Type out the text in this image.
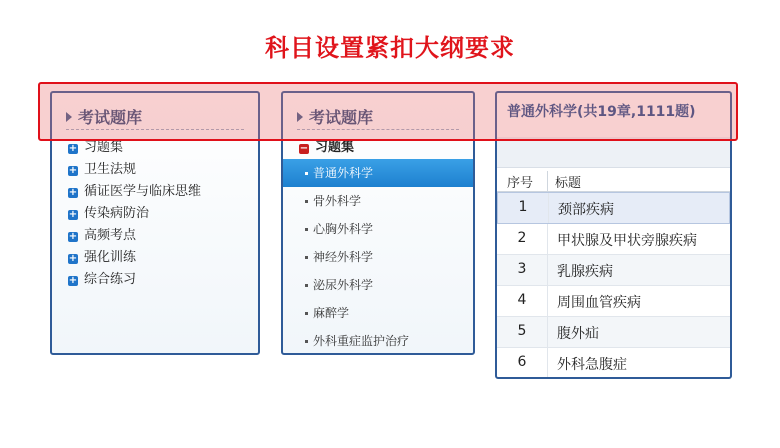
科目设置紧扣大纲要求
考试题库
+ 习题集
+ 卫生法规
+ 循证医学与临床思维
+ 传染病防治
+ 高频考点
+ 强化训练
+ 综合练习
考试题库
− 习题集
普通外科学
骨外科学
心胸外科学
神经外科学
泌尿外科学
麻醉学
外科重症监护治疗
普通外科学(共19章,1111题)
序号 标题
1	颈部疾病
2	甲状腺及甲状旁腺疾病
3	乳腺疾病
4	周围血管疾病
5	腹外疝
6	外科急腹症
